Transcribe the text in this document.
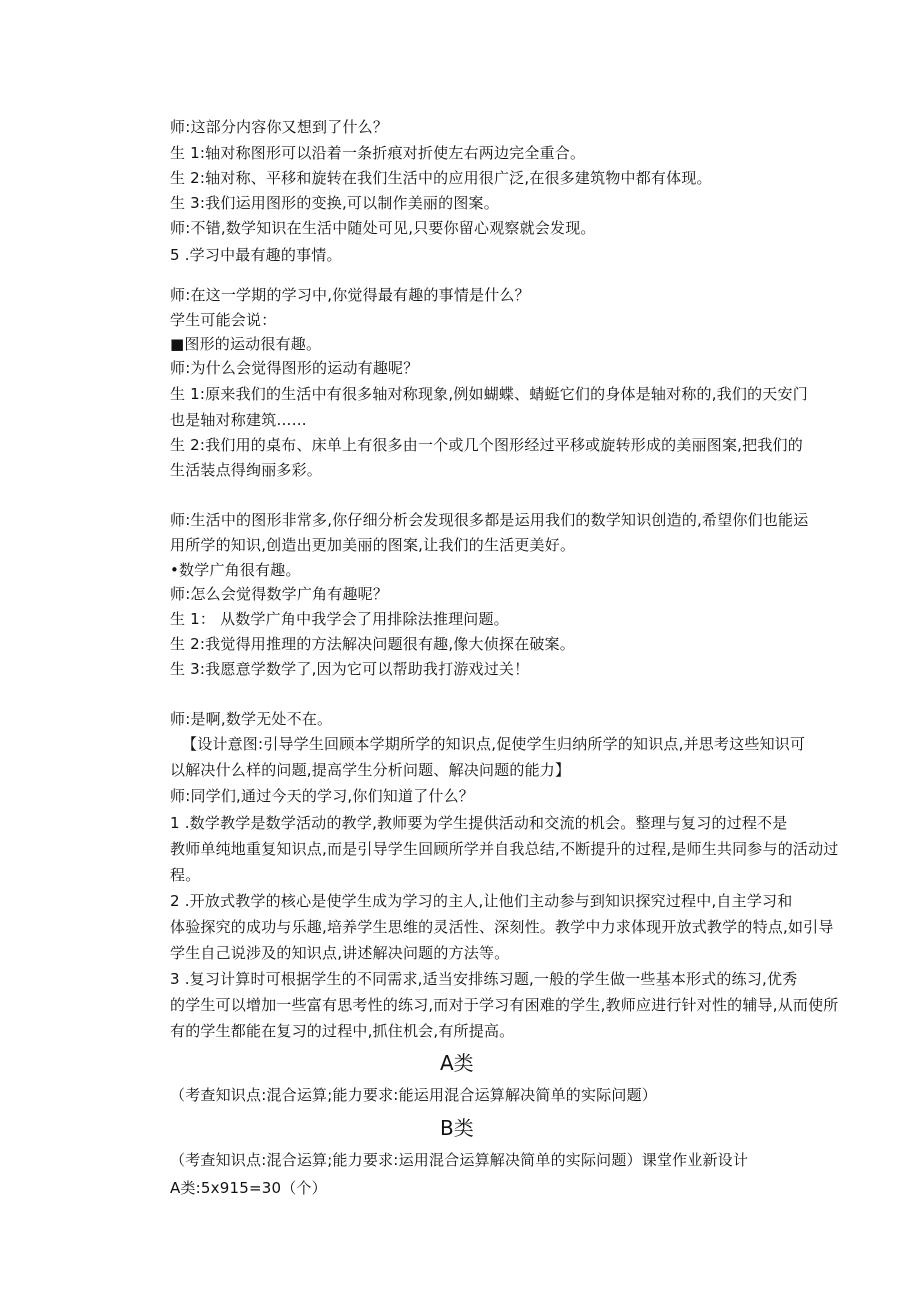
师:这部分内容你又想到了什么？

生 1:轴对称图形可以沿着一条折痕对折使左右两边完全重合。

生 2:轴对称、平移和旋转在我们生活中的应用很广泛,在很多建筑物中都有体现。

生 3:我们运用图形的变换,可以制作美丽的图案。

师:不错,数学知识在生活中随处可见,只要你留心观察就会发现。

5 .学习中最有趣的事情。

师:在这一学期的学习中,你觉得最有趣的事情是什么？

学生可能会说：

■图形的运动很有趣。

师:为什么会觉得图形的运动有趣呢？

生 1:原来我们的生活中有很多轴对称现象,例如蝴蝶、蜻蜓它们的身体是轴对称的,我们的天安门

也是轴对称建筑……

生 2:我们用的桌布、床单上有很多由一个或几个图形经过平移或旋转形成的美丽图案,把我们的

生活装点得绚丽多彩。

师:生活中的图形非常多,你仔细分析会发现很多都是运用我们的数学知识创造的,希望你们也能运

用所学的知识,创造出更加美丽的图案,让我们的生活更美好。

•数学广角很有趣。

师:怎么会觉得数学广角有趣呢？

生 1： 从数学广角中我学会了用排除法推理问题。

生 2:我觉得用推理的方法解决问题很有趣,像大侦探在破案。

生 3:我愿意学数学了,因为它可以帮助我打游戏过关！

师:是啊,数学无处不在。

【设计意图:引导学生回顾本学期所学的知识点,促使学生归纳所学的知识点,并思考这些知识可

以解决什么样的问题,提高学生分析问题、解决问题的能力】

师:同学们,通过今天的学习,你们知道了什么？

1 .数学教学是数学活动的教学,教师要为学生提供活动和交流的机会。整理与复习的过程不是

教师单纯地重复知识点,而是引导学生回顾所学并自我总结,不断提升的过程,是师生共同参与的活动过

程。

2 .开放式教学的核心是使学生成为学习的主人,让他们主动参与到知识探究过程中,自主学习和

体验探究的成功与乐趣,培养学生思维的灵活性、深刻性。教学中力求体现开放式教学的特点,如引导

学生自己说涉及的知识点,讲述解决问题的方法等。

3 .复习计算时可根据学生的不同需求,适当安排练习题,一般的学生做一些基本形式的练习,优秀

的学生可以增加一些富有思考性的练习,而对于学习有困难的学生,教师应进行针对性的辅导,从而使所

有的学生都能在复习的过程中,抓住机会,有所提高。

A类

（考查知识点:混合运算;能力要求:能运用混合运算解决简单的实际问题）

B类

（考查知识点:混合运算;能力要求:运用混合运算解决简单的实际问题）课堂作业新设计

A类:5x915=30（个）
